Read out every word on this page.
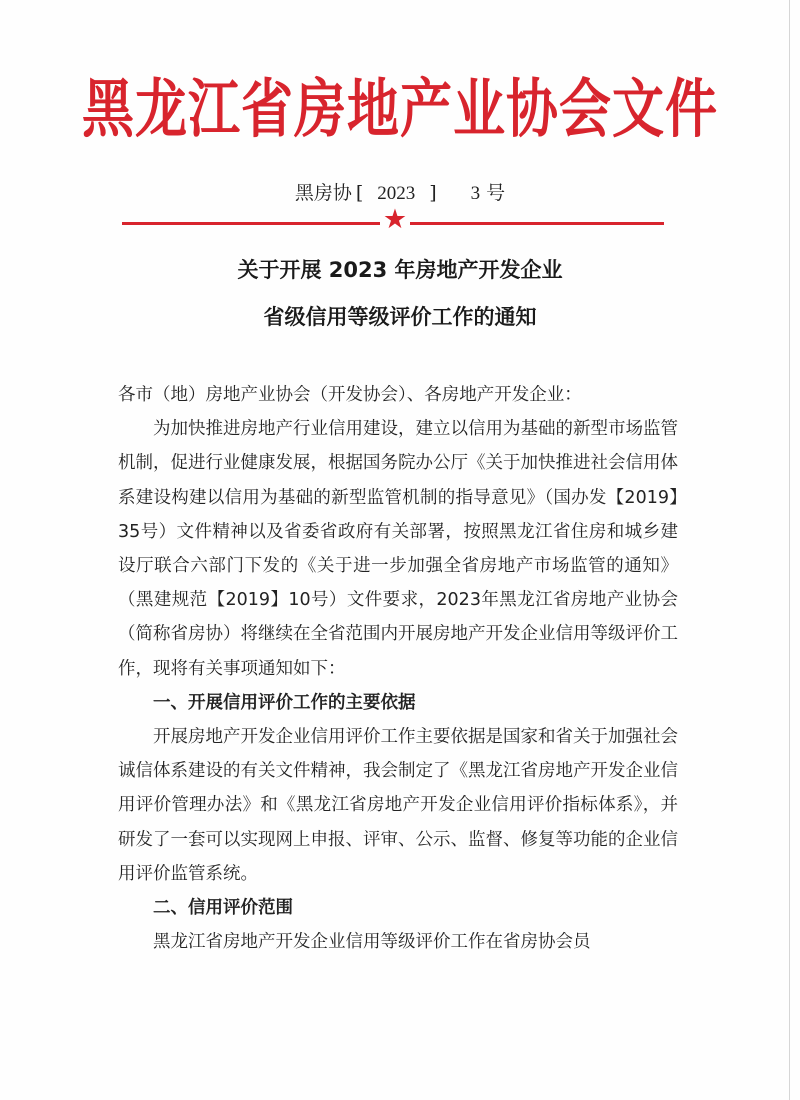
黑龙江省房地产业协会文件
黑房协 [ 2023 ] 3 号
★
关于开展 2023 年房地产开发企业
省级信用等级评价工作的通知

各市（地）房地产业协会（开发协会）、各房地产开发企业：

为加快推进房地产行业信用建设，建立以信用为基础的新型市场监管机制，促进行业健康发展，根据国务院办公厅《关于加快推进社会信用体系建设构建以信用为基础的新型监管机制的指导意见》（国办发【2019】35号）文件精神以及省委省政府有关部署，按照黑龙江省住房和城乡建设厅联合六部门下发的《关于进一步加强全省房地产市场监管的通知》（黑建规范【2019】10号）文件要求，2023年黑龙江省房地产业协会（简称省房协）将继续在全省范围内开展房地产开发企业信用等级评价工作，现将有关事项通知如下：

一、开展信用评价工作的主要依据

开展房地产开发企业信用评价工作主要依据是国家和省关于加强社会诚信体系建设的有关文件精神，我会制定了《黑龙江省房地产开发企业信用评价管理办法》和《黑龙江省房地产开发企业信用评价指标体系》，并研发了一套可以实现网上申报、评审、公示、监督、修复等功能的企业信用评价监管系统。

二、信用评价范围

黑龙江省房地产开发企业信用等级评价工作在省房协会员
